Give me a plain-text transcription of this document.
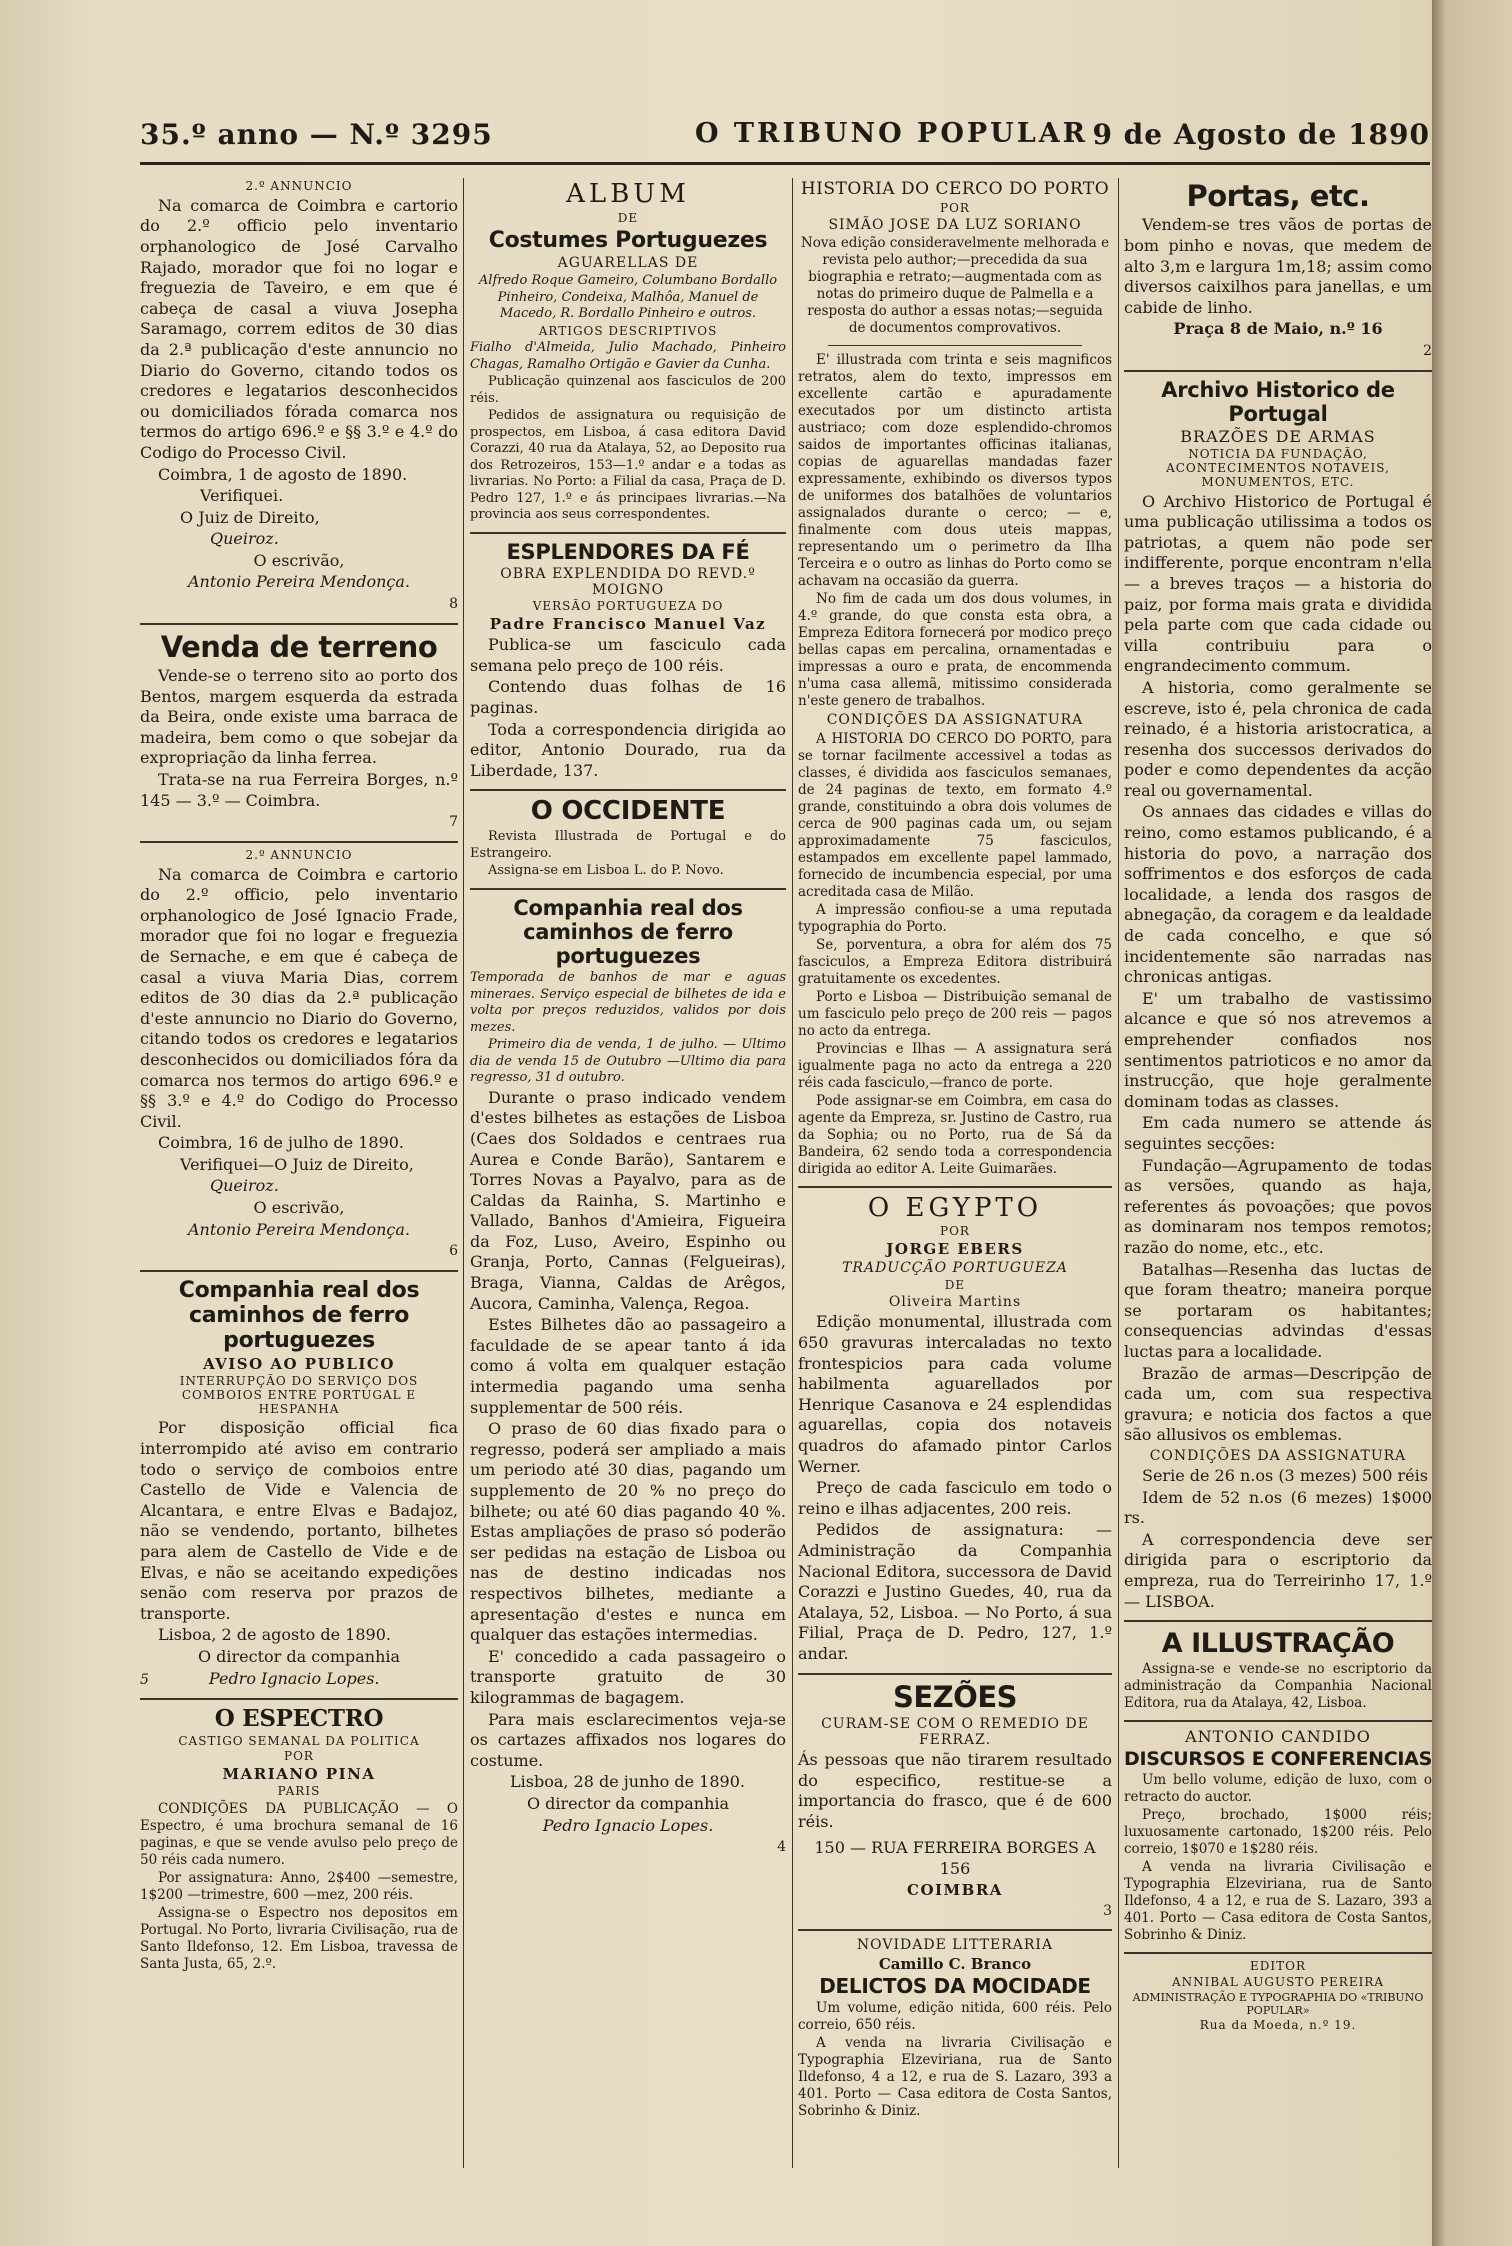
35.º anno — N.º 3295	O TRIBUNO POPULAR 9 de Agosto de 1890
2.º ANNUNCIO

Na comarca de Coimbra e cartorio do 2.º officio pelo inventario orphanologico de José Carvalho Rajado, morador que foi no logar e freguezia de Taveiro, e em que é cabeça de casal a viuva Josepha Saramago, correm editos de 30 dias da 2.ª publicação d'este annuncio no Diario do Governo, citando todos os credores e legatarios desconhecidos ou domiciliados fórada comarca nos termos do artigo 696.º e §§ 3.º e 4.º do Codigo do Processo Civil.

Coimbra, 1 de agosto de 1890.

Verifiquei.

O Juiz de Direito,

Queiroz.

O escrivão,

Antonio Pereira Mendonça.

8

Venda de terreno

Vende-se o terreno sito ao porto dos Bentos, margem esquerda da estrada da Beira, onde existe uma barraca de madeira, bem como o que sobejar da expropriação da linha ferrea.

Trata-se na rua Ferreira Borges, n.º 145 — 3.º — Coimbra.

7

2.º ANNUNCIO

Na comarca de Coimbra e cartorio do 2.º officio, pelo inventario orphanologico de José Ignacio Frade, morador que foi no logar e freguezia de Sernache, e em que é cabeça de casal a viuva Maria Dias, correm editos de 30 dias da 2.ª publicação d'este annuncio no Diario do Governo, citando todos os credores e legatarios desconhecidos ou domiciliados fóra da comarca nos termos do artigo 696.º e §§ 3.º e 4.º do Codigo do Processo Civil.

Coimbra, 16 de julho de 1890.

Verifiquei—O Juiz de Direito,

Queiroz.

O escrivão,

Antonio Pereira Mendonça.

6

Companhia real dos caminhos de ferro portuguezes
AVISO AO PUBLICO
INTERRUPÇÃO DO SERVIÇO DOS COMBOIOS ENTRE PORTUGAL E HESPANHA

Por disposição official fica interrompido até aviso em contrario todo o serviço de comboios entre Castello de Vide e Valencia de Alcantara, e entre Elvas e Badajoz, não se vendendo, portanto, bilhetes para alem de Castello de Vide e de Elvas, e não se aceitando expedições senão com reserva por prazos de transporte.

Lisboa, 2 de agosto de 1890.

O director da companhia

5	Pedro Ignacio Lopes.

O ESPECTRO
CASTIGO SEMANAL DA POLITICA
POR
MARIANO PINA
PARIS

CONDIÇÕES DA PUBLICAÇÃO — O Espectro, é uma brochura semanal de 16 paginas, e que se vende avulso pelo preço de 50 réis cada numero.

Por assignatura: Anno, 2$400 —semestre, 1$200 —trimestre, 600 —mez, 200 réis.

Assigna-se o Espectro nos depositos em Portugal. No Porto, livraria Civilisação, rua de Santo Ildefonso, 12. Em Lisboa, travessa de Santa Justa, 65, 2.º.

ALBUM
DE
Costumes Portuguezes
AGUARELLAS DE

Alfredo Roque Gameiro, Columbano Bordallo Pinheiro, Condeixa, Malhôa, Manuel de Macedo, R. Bordallo Pinheiro e outros.

ARTIGOS DESCRIPTIVOS

Fialho d'Almeida, Julio Machado, Pinheiro Chagas, Ramalho Ortigão e Gavier da Cunha.

Publicação quinzenal aos fasciculos de 200 réis.

Pedidos de assignatura ou requisição de prospectos, em Lisboa, á casa editora David Corazzi, 40 rua da Atalaya, 52, ao Deposito rua dos Retrozeiros, 153—1.º andar e a todas as livrarias. No Porto: a Filial da casa, Praça de D. Pedro 127, 1.º e ás principaes livrarias.—Na provincia aos seus correspondentes.

ESPLENDORES DA FÉ
OBRA EXPLENDIDA DO REVD.º MOIGNO
VERSÃO PORTUGUEZA DO
Padre Francisco Manuel Vaz

Publica-se um fasciculo cada semana pelo preço de 100 réis.

Contendo duas folhas de 16 paginas.

Toda a correspondencia dirigida ao editor, Antonio Dourado, rua da Liberdade, 137.

O OCCIDENTE

Revista Illustrada de Portugal e do Estrangeiro.

Assigna-se em Lisboa L. do P. Novo.

Companhia real dos caminhos de ferro portuguezes

Temporada de banhos de mar e aguas mineraes. Serviço especial de bilhetes de ida e volta por preços reduzidos, validos por dois mezes.

Primeiro dia de venda, 1 de julho. — Ultimo dia de venda 15 de Outubro —Ultimo dia para regresso, 31 d outubro.

Durante o praso indicado vendem d'estes bilhetes as estações de Lisboa (Caes dos Soldados e centraes rua Aurea e Conde Barão), Santarem e Torres Novas a Payalvo, para as de Caldas da Rainha, S. Martinho e Vallado, Banhos d'Amieira, Figueira da Foz, Luso, Aveiro, Espinho ou Granja, Porto, Cannas (Felgueiras), Braga, Vianna, Caldas de Arêgos, Aucora, Caminha, Valença, Regoa.

Estes Bilhetes dão ao passageiro a faculdade de se apear tanto á ida como á volta em qualquer estação intermedia pagando uma senha supplementar de 500 réis.

O praso de 60 dias fixado para o regresso, poderá ser ampliado a mais um periodo até 30 dias, pagando um supplemento de 20 % no preço do bilhete; ou até 60 dias pagando 40 %. Estas ampliações de praso só poderão ser pedidas na estação de Lisboa ou nas de destino indicadas nos respectivos bilhetes, mediante a apresentação d'estes e nunca em qualquer das estações intermedias.

E' concedido a cada passageiro o transporte gratuito de 30 kilogrammas de bagagem.

Para mais esclarecimentos veja-se os cartazes affixados nos logares do costume.

Lisboa, 28 de junho de 1890.

O director da companhia

Pedro Ignacio Lopes.

4

HISTORIA DO CERCO DO PORTO
POR
SIMÃO JOSE DA LUZ SORIANO

Nova edição consideravelmente melhorada e revista pelo author;—precedida da sua biographia e retrato;—augmentada com as notas do primeiro duque de Palmella e a resposta do author a essas notas;—seguida de documentos comprovativos.

E' illustrada com trinta e seis magnificos retratos, alem do texto, impressos em excellente cartão e apuradamente executados por um distincto artista austriaco; com doze esplendido-chromos saidos de importantes officinas italianas, copias de aguarellas mandadas fazer expressamente, exhibindo os diversos typos de uniformes dos batalhões de voluntarios assignalados durante o cerco; — e, finalmente com dous uteis mappas, representando um o perimetro da Ilha Terceira e o outro as linhas do Porto como se achavam na occasião da guerra.

No fim de cada um dos dous volumes, in 4.º grande, do que consta esta obra, a Empreza Editora fornecerá por modico preço bellas capas em percalina, ornamentadas e impressas a ouro e prata, de encommenda n'uma casa allemã, mitissimo considerada n'este genero de trabalhos.

CONDIÇÕES DA ASSIGNATURA

A HISTORIA DO CERCO DO PORTO, para se tornar facilmente accessivel a todas as classes, é dividida aos fasciculos semanaes, de 24 paginas de texto, em formato 4.º grande, constituindo a obra dois volumes de cerca de 900 paginas cada um, ou sejam approximadamente 75 fasciculos, estampados em excellente papel lammado, fornecido de incumbencia especial, por uma acreditada casa de Milão.

A impressão confiou-se a uma reputada typographia do Porto.

Se, porventura, a obra for além dos 75 fasciculos, a Empreza Editora distribuirá gratuitamente os excedentes.

Porto e Lisboa — Distribuição semanal de um fasciculo pelo preço de 200 reis — pagos no acto da entrega.

Provincias e Ilhas — A assignatura será igualmente paga no acto da entrega a 220 réis cada fasciculo,—franco de porte.

Pode assignar-se em Coimbra, em casa do agente da Empreza, sr. Justino de Castro, rua da Sophia; ou no Porto, rua de Sá da Bandeira, 62 sendo toda a correspondencia dirigida ao editor A. Leite Guimarães.

O EGYPTO
POR
JORGE EBERS
TRADUCÇÃO PORTUGUEZA
DE
Oliveira Martins

Edição monumental, illustrada com 650 gravuras intercaladas no texto frontespicios para cada volume habilmenta aguarellados por Henrique Casanova e 24 esplendidas aguarellas, copia dos notaveis quadros do afamado pintor Carlos Werner.

Preço de cada fasciculo em todo o reino e ilhas adjacentes, 200 reis.

Pedidos de assignatura: — Administração da Companhia Nacional Editora, successora de David Corazzi e Justino Guedes, 40, rua da Atalaya, 52, Lisboa. — No Porto, á sua Filial, Praça de D. Pedro, 127, 1.º andar.

SEZÕES
CURAM-SE COM O REMEDIO DE FERRAZ.

Ás pessoas que não tirarem resultado do especifico, restitue-se a importancia do frasco, que é de 600 réis.

150 — RUA FERREIRA BORGES A 156

COIMBRA

3

NOVIDADE LITTERARIA
Camillo C. Branco
DELICTOS DA MOCIDADE

Um volume, edição nitida, 600 réis. Pelo correio, 650 réis.

A venda na livraria Civilisação e Typographia Elzeviriana, rua de Santo Ildefonso, 4 a 12, e rua de S. Lazaro, 393 a 401. Porto — Casa editora de Costa Santos, Sobrinho & Diniz.

Portas, etc.

Vendem-se tres vãos de portas de bom pinho e novas, que medem de alto 3,m e largura 1m,18; assim como diversos caixilhos para janellas, e um cabide de linho.

Praça 8 de Maio, n.º 16

2

Archivo Historico de Portugal
BRAZÕES DE ARMAS
NOTICIA DA FUNDAÇÃO, ACONTECIMENTOS NOTAVEIS, MONUMENTOS, ETC.

O Archivo Historico de Portugal é uma publicação utilissima a todos os patriotas, a quem não pode ser indifferente, porque encontram n'ella — a breves traços — a historia do paiz, por forma mais grata e dividida pela parte com que cada cidade ou villa contribuiu para o engrandecimento commum.

A historia, como geralmente se escreve, isto é, pela chronica de cada reinado, é a historia aristocratica, a resenha dos successos derivados do poder e como dependentes da acção real ou governamental.

Os annaes das cidades e villas do reino, como estamos publicando, é a historia do povo, a narração dos soffrimentos e dos esforços de cada localidade, a lenda dos rasgos de abnegação, da coragem e da lealdade de cada concelho, e que só incidentemente são narradas nas chronicas antigas.

E' um trabalho de vastissimo alcance e que só nos atrevemos a emprehender confiados nos sentimentos patrioticos e no amor da instrucção, que hoje geralmente dominam todas as classes.

Em cada numero se attende ás seguintes secções:

Fundação—Agrupamento de todas as versões, quando as haja, referentes ás povoações; que povos as dominaram nos tempos remotos; razão do nome, etc., etc.

Batalhas—Resenha das luctas de que foram theatro; maneira porque se portaram os habitantes; consequencias advindas d'essas luctas para a localidade.

Brazão de armas—Descripção de cada um, com sua respectiva gravura; e noticia dos factos a que são allusivos os emblemas.

CONDIÇÕES DA ASSIGNATURA

Serie de 26 n.os (3 mezes) 500 réis

Idem de 52 n.os (6 mezes) 1$000 rs.

A correspondencia deve ser dirigida para o escriptorio da empreza, rua do Terreirinho 17, 1.º — LISBOA.

A ILLUSTRAÇÃO

Assigna-se e vende-se no escriptorio da administração da Companhia Nacional Editora, rua da Atalaya, 42, Lisboa.

ANTONIO CANDIDO
DISCURSOS E CONFERENCIAS

Um bello volume, edição de luxo, com o retracto do auctor.

Preço, brochado, 1$000 réis; luxuosamente cartonado, 1$200 réis. Pelo correio, 1$070 e 1$280 réis.

A venda na livraria Civilisação e Typographia Elzeviriana, rua de Santo Ildefonso, 4 a 12, e rua de S. Lazaro, 393 a 401. Porto — Casa editora de Costa Santos, Sobrinho & Diniz.

EDITOR
ANNIBAL AUGUSTO PEREIRA
ADMINISTRAÇÃO E TYPOGRAPHIA DO «TRIBUNO POPULAR»
Rua da Moeda, n.º 19.
